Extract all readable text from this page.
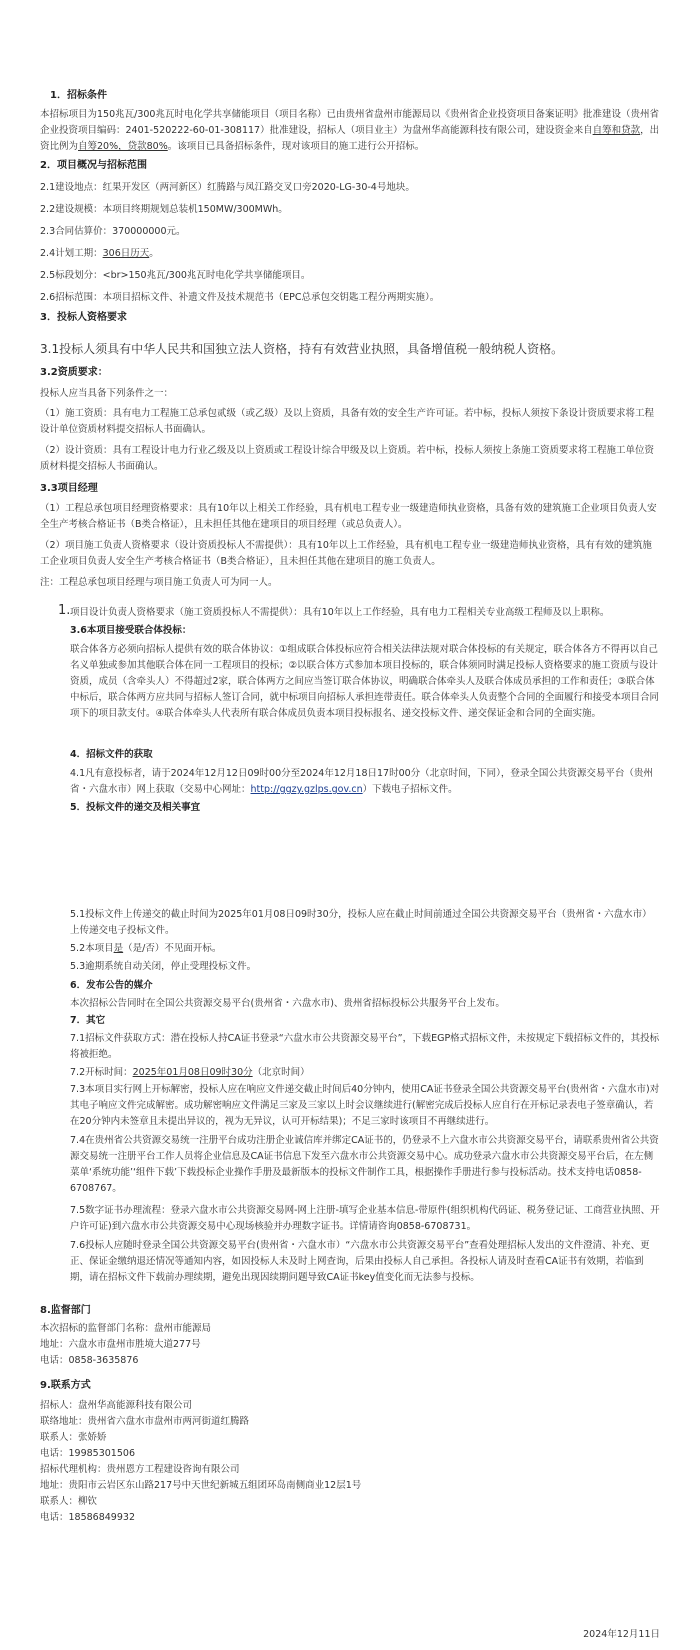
1．招标条件
本招标项目为150兆瓦/300兆瓦时电化学共享储能项目（项目名称）已由贵州省盘州市能源局以《贵州省企业投资项目备案证明》批准建设（贵州省企业投资项目编码：2401-520222-60-01-308117）批准建设，招标人（项目业主）为盘州华高能源科技有限公司，建设资金来自自筹和贷款，出资比例为自筹20%，贷款80%。该项目已具备招标条件，现对该项目的施工进行公开招标。
2．项目概况与招标范围
2.1建设地点：红果开发区（两河新区）红腾路与凤江路交叉口旁2020-LG-30-4号地块。
2.2建设规模：本项目终期规划总装机150MW/300MWh。
2.3合同估算价：370000000元。
2.4计划工期：306日历天。
2.5标段划分：<br>150兆瓦/300兆瓦时电化学共享储能项目。
2.6招标范围：本项目招标文件、补遗文件及技术规范书（EPC总承包交钥匙工程分两期实施）。
3．投标人资格要求
3.1投标人须具有中华人民共和国独立法人资格，持有有效营业执照，具备增值税一般纳税人资格。
3.2资质要求：
投标人应当具备下列条件之一：
（1）施工资质：具有电力工程施工总承包贰级（或乙级）及以上资质，具备有效的安全生产许可证。若中标，投标人须按下条设计资质要求将工程设计单位资质材料提交招标人书面确认。
（2）设计资质：具有工程设计电力行业乙级及以上资质或工程设计综合甲级及以上资质。若中标，投标人须按上条施工资质要求将工程施工单位资质材料提交招标人书面确认。
3.3项目经理
（1）工程总承包项目经理资格要求：具有10年以上相关工作经验，具有机电工程专业一级建造师执业资格，具备有效的建筑施工企业项目负责人安全生产考核合格证书（B类合格证），且未担任其他在建项目的项目经理（或总负责人）。
（2）项目施工负责人资格要求（设计资质投标人不需提供）：具有10年以上工作经验，具有机电工程专业一级建造师执业资格，具有有效的建筑施工企业项目负责人安全生产考核合格证书（B类合格证），且未担任其他在建项目的施工负责人。
注：工程总承包项目经理与项目施工负责人可为同一人。
1. 项目设计负责人资格要求（施工资质投标人不需提供）：具有10年以上工作经验，具有电力工程相关专业高级工程师及以上职称。
3.6本项目接受联合体投标：
联合体各方必须向招标人提供有效的联合体协议：①组成联合体投标应符合相关法律法规对联合体投标的有关规定，联合体各方不得再以自己名义单独或参加其他联合体在同一工程项目的投标；②以联合体方式参加本项目投标的，联合体须同时满足投标人资格要求的施工资质与设计资质，成员（含牵头人）不得超过2家，联合体两方之间应当签订联合体协议，明确联合体牵头人及联合体成员承担的工作和责任；③联合体中标后，联合体两方应共同与招标人签订合同，就中标项目向招标人承担连带责任。联合体牵头人负责整个合同的全面履行和接受本项目合同项下的项目款支付。④联合体牵头人代表所有联合体成员负责本项目投标报名、递交投标文件、递交保证金和合同的全面实施。
4．招标文件的获取
4.1凡有意投标者，请于2024年12月12日09时00分至2024年12月18日17时00分（北京时间，下同），登录全国公共资源交易平台（贵州省・六盘水市）网上获取（交易中心网址：http://ggzy.gzlps.gov.cn）下载电子招标文件。
5．投标文件的递交及相关事宜
5.1投标文件上传递交的截止时间为2025年01月08日09时30分，投标人应在截止时间前通过全国公共资源交易平台（贵州省・六盘水市）上传递交电子投标文件。
5.2本项目是（是/否）不见面开标。
5.3逾期系统自动关闭，停止受理投标文件。
6．发布公告的媒介
本次招标公告同时在全国公共资源交易平台(贵州省・六盘水市)、贵州省招标投标公共服务平台上发布。
7．其它
7.1招标文件获取方式：潜在投标人持CA证书登录“六盘水市公共资源交易平台”，下载EGP格式招标文件，未按规定下载招标文件的，其投标将被拒绝。
7.2开标时间：2025年01月08日09时30分（北京时间）
7.3本项目实行网上开标解密，投标人应在响应文件递交截止时间后40分钟内，使用CA证书登录全国公共资源交易平台(贵州省・六盘水市)对其电子响应文件完成解密。成功解密响应文件满足三家及三家以上时会议继续进行(解密完成后投标人应自行在开标记录表电子签章确认，若在20分钟内未签章且未提出异议的，视为无异议，认可开标结果)；不足三家时该项目不再继续进行。
7.4在贵州省公共资源交易统一注册平台成功注册企业诚信库并绑定CA证书的，仍登录不上六盘水市公共资源交易平台，请联系贵州省公共资源交易统一注册平台工作人员将企业信息及CA证书信息下发至六盘水市公共资源交易中心。成功登录六盘水市公共资源交易平台后，在左侧菜单‘系统功能’‘组件下载’下载投标企业操作手册及最新版本的投标文件制作工具，根据操作手册进行参与投标活动。技术支持电话0858-6708767。
7.5数字证书办理流程：登录六盘水市公共资源交易网-网上注册-填写企业基本信息-带原件(组织机构代码证、税务登记证、工商营业执照、开户许可证)到六盘水市公共资源交易中心现场核验并办理数字证书。详情请咨询0858-6708731。
7.6投标人应随时登录全国公共资源交易平台(贵州省・六盘水市）“六盘水市公共资源交易平台”查看处理招标人发出的文件澄清、补充、更正、保证金缴纳退还情况等通知内容，如因投标人未及时上网查询，后果由投标人自己承担。各投标人请及时查看CA证书有效期，若临到期，请在招标文件下载前办理续期，避免出现因续期问题导致CA证书key值变化而无法参与投标。
8.监督部门
本次招标的监督部门名称：盘州市能源局
地址：六盘水市盘州市胜境大道277号
电话：0858-3635876
9.联系方式
招标人：盘州华高能源科技有限公司
联络地址：贵州省六盘水市盘州市两河街道红腾路
联系人：张娇娇
电话：19985301506
招标代理机构：贵州恩方工程建设咨询有限公司
地址：贵阳市云岩区东山路217号中天世纪新城五组团环岛南侧商业12层1号
联系人：柳钦
电话：18586849932
2024年12月11日
